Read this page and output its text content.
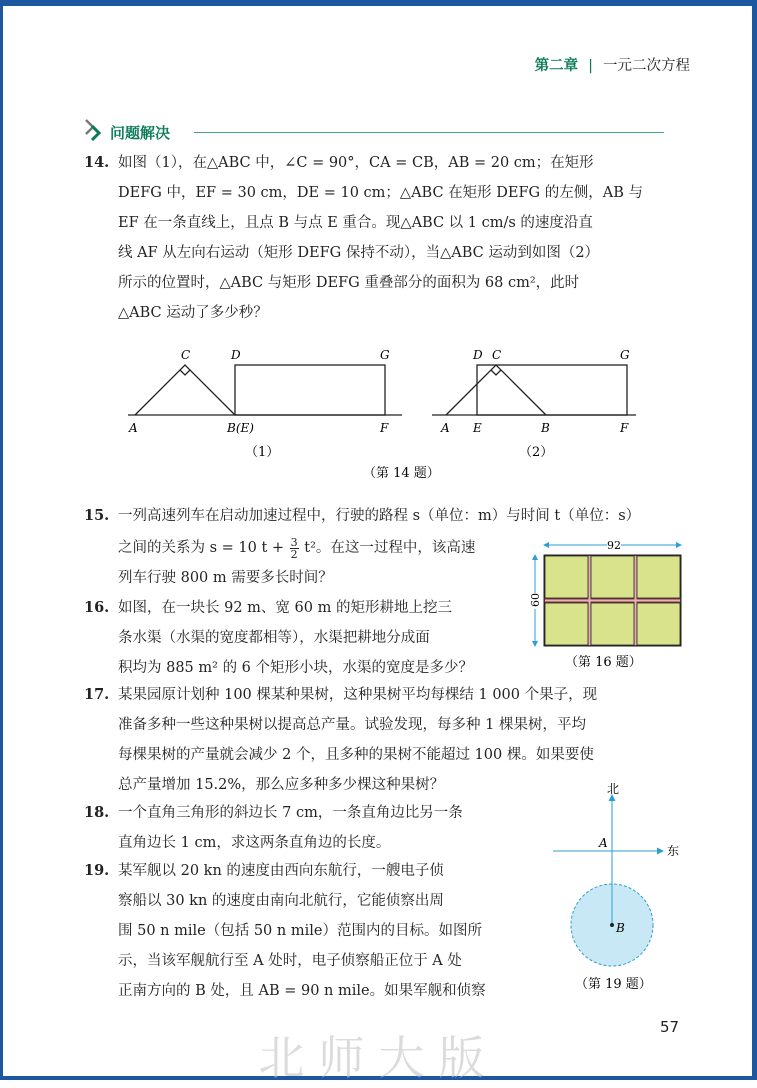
第二章 | 一元二次方程
问题解决
14. 如图（1），在△ABC 中，∠C = 90°，CA = CB，AB = 20 cm；在矩形

DEFG 中，EF = 30 cm，DE = 10 cm；△ABC 在矩形 DEFG 的左侧，AB 与

EF 在一条直线上，且点 B 与点 E 重合。现△ABC 以 1 cm/s 的速度沿直

线 AF 从左向右运动（矩形 DEFG 保持不动），当△ABC 运动到如图（2）

所示的位置时，△ABC 与矩形 DEFG 重叠部分的面积为 68 cm²，此时

△ABC 运动了多少秒？

C	D	G
A	B(E)	F
（1）
D C	G
A E	B	F
（2）
（第 14 题）
15. 一列高速列车在启动加速过程中，行驶的路程 s（单位：m）与时间 t（单位：s）

之间的关系为 s = 10 $t + \frac{3}{2} t^2$。在这一过程中，该高速

列车行驶 800 m 需要多长时间？

16. 如图，在一块长 92 m、宽 60 m 的矩形耕地上挖三

条水渠（水渠的宽度都相等），水渠把耕地分成面

积均为 885 m² 的 6 个矩形小块，水渠的宽度是多少？

92
60
（第 16 题）
17. 某果园原计划种 100 棵某种果树，这种果树平均每棵结 1 000 个果子，现

准备多种一些这种果树以提高总产量。试验发现，每多种 1 棵果树，平均

每棵果树的产量就会减少 2 个，且多种的果树不能超过 100 棵。如果要使

总产量增加 15.2%，那么应多种多少棵这种果树？

18. 一个直角三角形的斜边长 7 cm，一条直角边比另一条

直角边长 1 cm，求这两条直角边的长度。

19. 某军舰以 20 kn 的速度由西向东航行，一艘电子侦

察船以 30 kn 的速度由南向北航行，它能侦察出周

围 50 n mile（包括 50 n mile）范围内的目标。如图所

示，当该军舰航行至 A 处时，电子侦察船正位于 A 处

正南方向的 B 处，且 AB = 90 n mile。如果军舰和侦察

北
东
A
B
（第 19 题）
57
北师大版
